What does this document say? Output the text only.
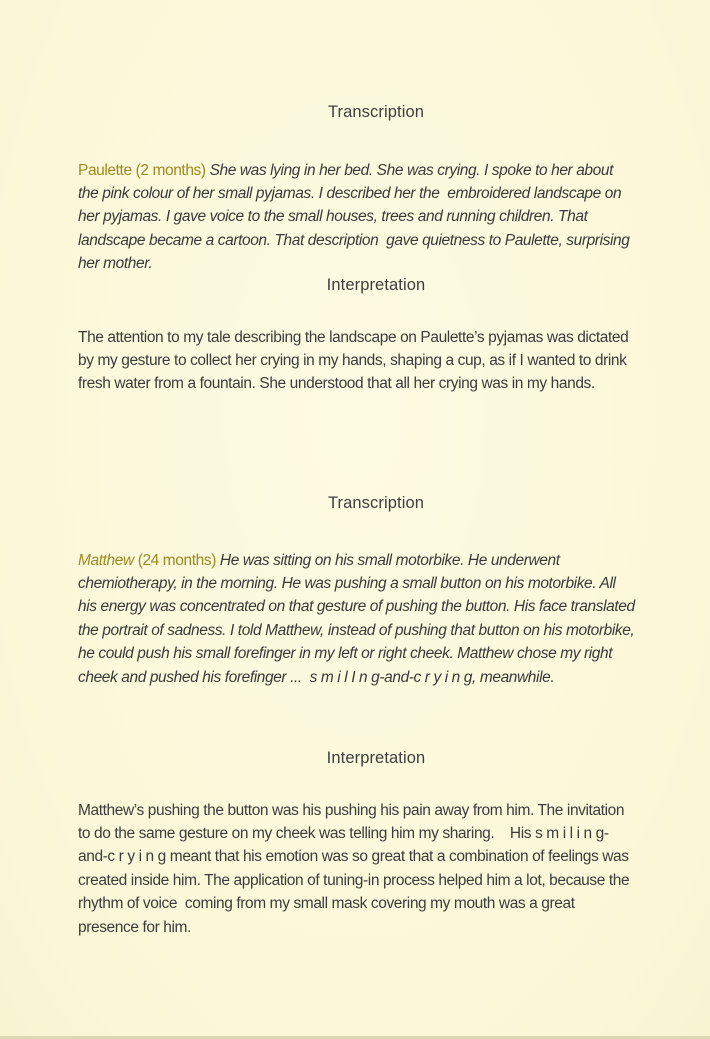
Transcription

Paulette (2 months) She was lying in her bed. She was crying. I spoke to her about the pink colour of her small pyjamas. I described her the  embroidered landscape on her pyjamas. I gave voice to the small houses, trees and running children. That landscape became a cartoon. That description  gave quietness to Paulette, surprising her mother.

Interpretation

The attention to my tale describing the landscape on Paulette’s pyjamas was dictated by my gesture to collect her crying in my hands, shaping a cup, as if I wanted to drink fresh water from a fountain. She understood that all her crying was in my hands.

Transcription

Matthew (24 months) He was sitting on his small motorbike. He underwent chemiotherapy, in the morning. He was pushing a small button on his motorbike. All his energy was concentrated on that gesture of pushing the button. His face translated the portrait of sadness. I told Matthew, instead of pushing that button on his motorbike, he could push his small forefinger in my left or right cheek. Matthew chose my right cheek and pushed his forefinger ...  s m i l I n g-and-c r y i n g, meanwhile.

Interpretation

Matthew’s pushing the button was his pushing his pain away from him. The invitation to do the same gesture on my cheek was telling him my sharing.    His s m i l i n g-and-c r y i n g meant that his emotion was so great that a combination of feelings was created inside him. The application of tuning-in process helped him a lot, because the rhythm of voice  coming from my small mask covering my mouth was a great presence for him.
